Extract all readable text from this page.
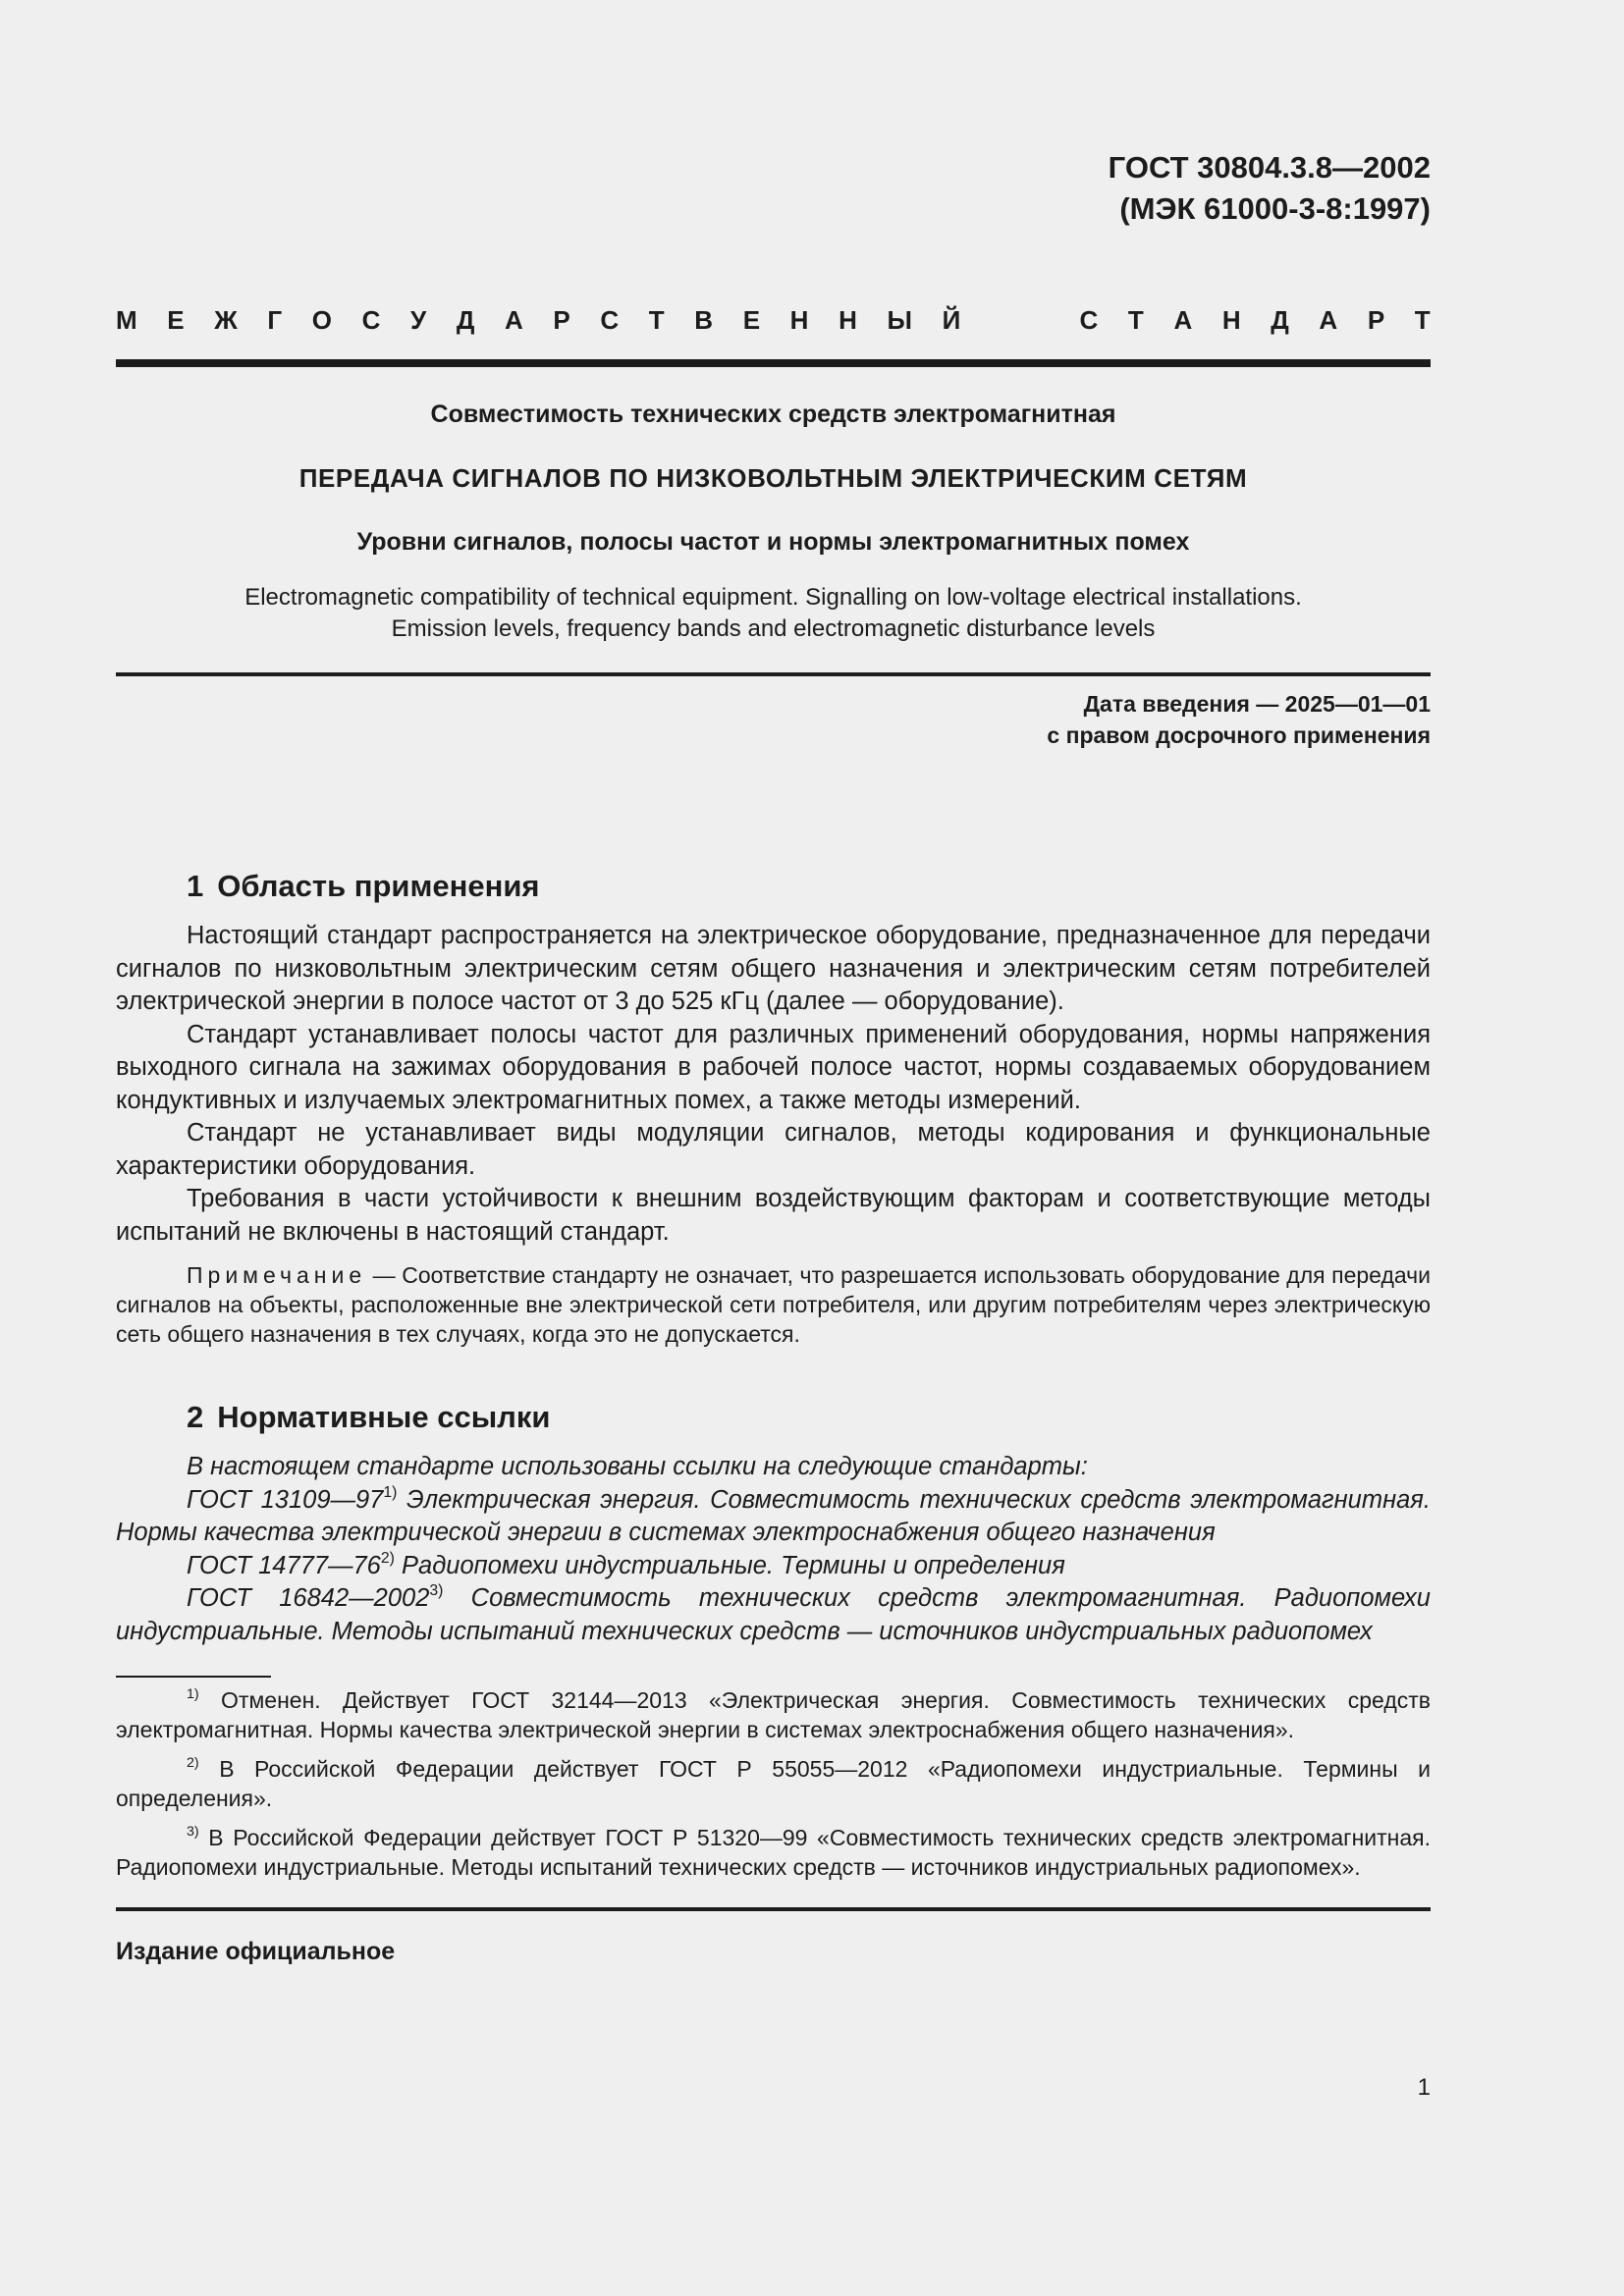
ГОСТ 30804.3.8—2002
(МЭК 61000-3-8:1997)
М Е Ж Г О С У Д А Р С Т В Е Н Н Ы Й	С Т А Н Д А Р Т
Совместимость технических средств электромагнитная
ПЕРЕДАЧА СИГНАЛОВ ПО НИЗКОВОЛЬТНЫМ ЭЛЕКТРИЧЕСКИМ СЕТЯМ
Уровни сигналов, полосы частот и нормы электромагнитных помех
Electromagnetic compatibility of technical equipment. Signalling on low-voltage electrical installations.
Emission levels, frequency bands and electromagnetic disturbance levels
Дата введения — 2025—01—01
с правом досрочного применения
1 Область применения

Настоящий стандарт распространяется на электрическое оборудование, предназначенное для передачи сигналов по низковольтным электрическим сетям общего назначения и электрическим сетям потребителей электрической энергии в полосе частот от 3 до 525 кГц (далее — оборудование).

Стандарт устанавливает полосы частот для различных применений оборудования, нормы напряжения выходного сигнала на зажимах оборудования в рабочей полосе частот, нормы создаваемых оборудованием кондуктивных и излучаемых электромагнитных помех, а также методы измерений.

Стандарт не устанавливает виды модуляции сигналов, методы кодирования и функциональные характеристики оборудования.

Требования в части устойчивости к внешним воздействующим факторам и соответствующие методы испытаний не включены в настоящий стандарт.

Примечание — Соответствие стандарту не означает, что разрешается использовать оборудование для передачи сигналов на объекты, расположенные вне электрической сети потребителя, или другим потребителям через электрическую сеть общего назначения в тех случаях, когда это не допускается.

2 Нормативные ссылки

В настоящем стандарте использованы ссылки на следующие стандарты:

ГОСТ 13109—97$^{1)}$ Электрическая энергия. Совместимость технических средств электромагнитная. Нормы качества электрической энергии в системах электроснабжения общего назначения

ГОСТ 14777—76$^{2)}$ Радиопомехи индустриальные. Термины и определения

ГОСТ 16842—2002$^{3)}$ Совместимость технических средств электромагнитная. Радиопомехи индустриальные. Методы испытаний технических средств — источников индустриальных радиопомех

$^{1)}$ Отменен. Действует ГОСТ 32144—2013 «Электрическая энергия. Совместимость технических средств электромагнитная. Нормы качества электрической энергии в системах электроснабжения общего назначения».

$^{2)}$ В Российской Федерации действует ГОСТ Р 55055—2012 «Радиопомехи индустриальные. Термины и определения».

$^{3)}$ В Российской Федерации действует ГОСТ Р 51320—99 «Совместимость технических средств электромагнитная. Радиопомехи индустриальные. Методы испытаний технических средств — источников индустриальных радиопомех».

Издание официальное
1
